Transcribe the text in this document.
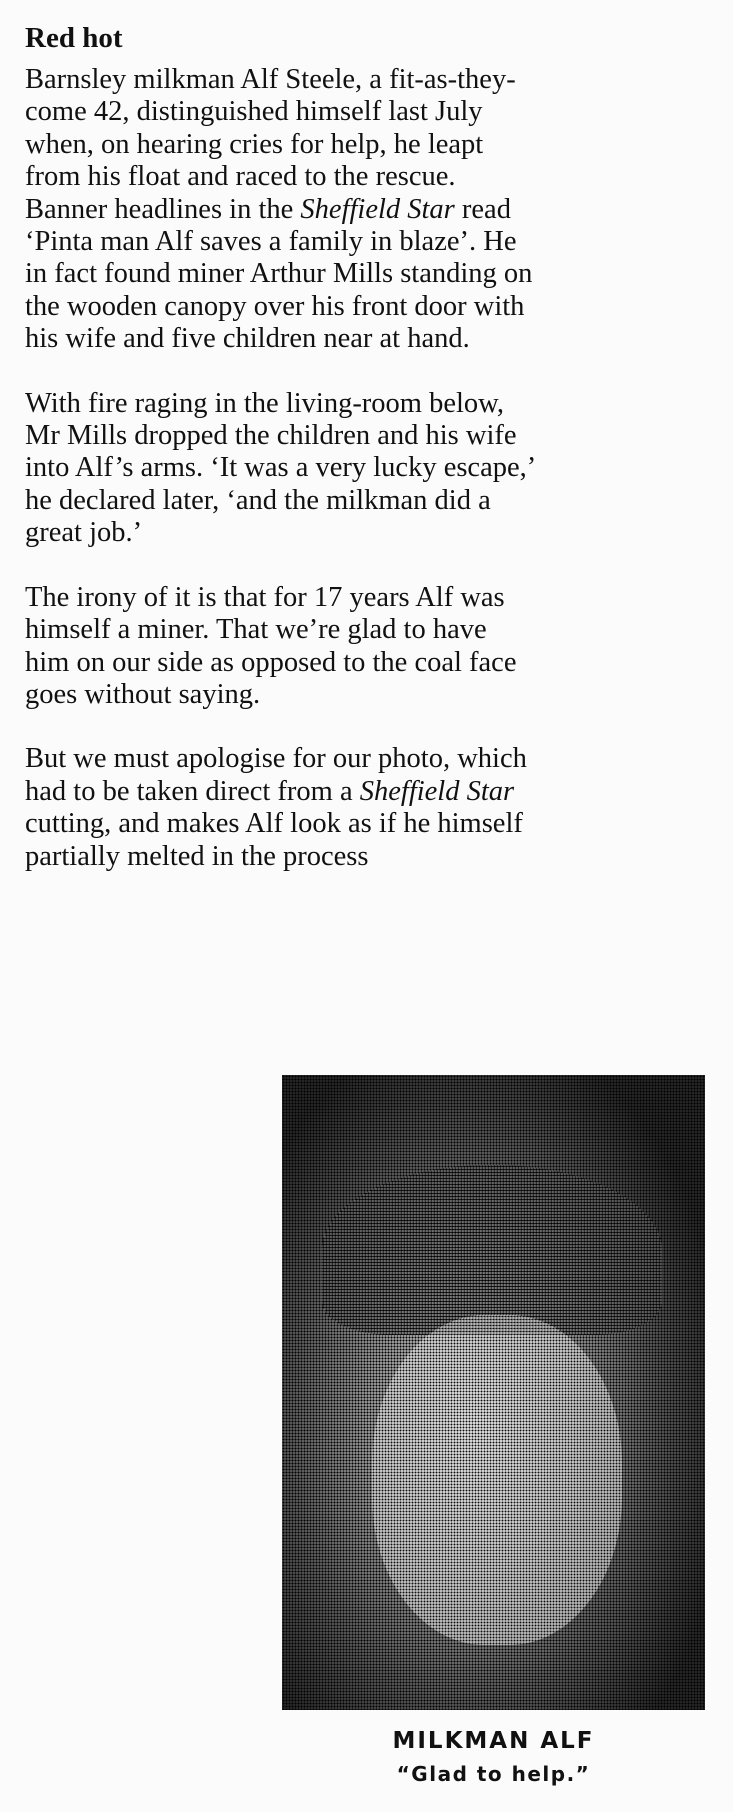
Red hot

Barnsley milkman Alf Steele, a fit-as-they-

come 42, distinguished himself last July

when, on hearing cries for help, he leapt

from his float and raced to the rescue.

Banner headlines in the Sheffield Star read

‘Pinta man Alf saves a family in blaze’. He

in fact found miner Arthur Mills standing on

the wooden canopy over his front door with

his wife and five children near at hand.

With fire raging in the living-room below,

Mr Mills dropped the children and his wife

into Alf’s arms. ‘It was a very lucky escape,’

he declared later, ‘and the milkman did a

great job.’

The irony of it is that for 17 years Alf was

himself a miner. That we’re glad to have

him on our side as opposed to the coal face

goes without saying.

But we must apologise for our photo, which

had to be taken direct from a Sheffield Star

cutting, and makes Alf look as if he himself

partially melted in the process

MILKMAN ALF
“Glad to help.”
